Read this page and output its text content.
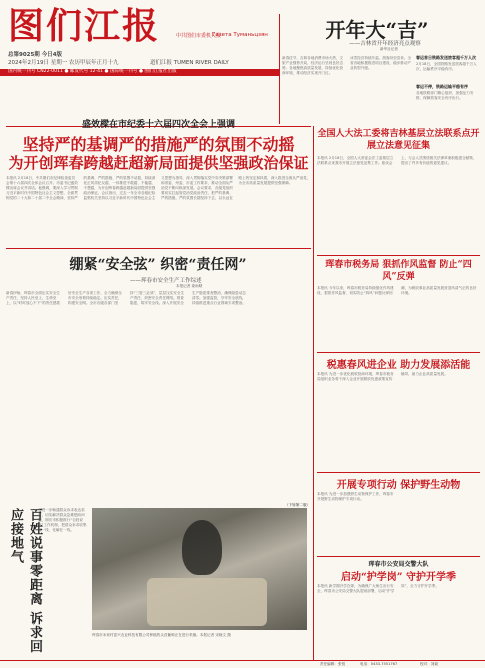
图们江报	中共图们市委机关报
Газета Туманьцзян
总第9025期 今日4版
2024年2月19日 星期一 农历甲辰年正月十九	道们江报 TUMEN RIVER DAILY
开年大“吉”
——吉林省开年经济亮点观察
新华社记者
新春佳节，吉林各地消费市场火热，文旅产业强势开局，经济运行呈现良好态势。各地聚焦高质量发展，持续优化营商环境，推动经济实现开门红。
冰雪经济持续升温，游客纷至沓来。全省各地积极推进项目建设，稳步推动产业转型升级。
春运首日铁路发送旅客超千万人次
2月18日，全国铁路发送旅客超千万人次，运输秩序平稳有序。
春运不停，铁路运输平稳有序
各地铁路部门精心组织，加强运力安排，保障旅客安全有序出行。
国内统一刊号 CN22-0011 ● 邮发代号 12-41 ● 国际统一刊号 ● 图们江报社出版
盛效樑在市纪委十六届四次全会上强调
坚持严的基调严的措施严的氛围不动摇
为开创珲春跨越赶超新局面提供坚强政治保证
本报讯 2月18日，中共图们市纪律检查委员会第十六届四次全体会议召开。市委书记盛效樑出席会议并讲话。他强调，要深入学习贯彻习近平新时代中国特色社会主义思想，全面贯彻党的二十大和二十届二中全会精神，坚持严的基调、严的措施、严的氛围不动摇，持续深化正风肃纪反腐，一体推进不敢腐、不能腐、不想腐，为开创珲春跨越赶超新局面提供坚强政治保证。会议指出，过去一年全市各级纪检监察机关坚持以习近平新时代中国特色社会主义思想为指导，深入贯彻落实党中央决策部署和省委、州委、市委工作要求，推动全面从严治党不断向纵深发展。会议要求，各级党组织要切实扛起管党治党政治责任，把严的基调、严的措施、严的氛围长期坚持下去，以永远在路上的坚定和执着，深入推进全面从严治党，为全市高质量发展提供坚强保障。
绷紧“安全弦” 织密“责任网”
——珲春市安全生产工作综述
本报记者 姜雨晴
新春伊始，珲春市全面压实安全生产责任，坚持人民至上、生命至上，以“时时放心不下”的责任感抓好安全生产各项工作，全力确保全市安全形势持续稳定。压实责任，构建安全网。全市各级各部门坚持“三管三必须”，层层压实安全生产责任，织密安全责任网络。排查隐患，筑牢安全线。深入开展安全生产隐患排查整治，确保隐患动态清零。加强监管，守牢安全底线，持续推进重点行业领域专项整治。
（下转第二版）
百姓说事零距离 诉求回应接地气	为进一步畅通群众诉求表达渠道，切实解决群众急难愁盼问题，图们市积极推行“百姓说事”工作机制，把群众诉求收集在一线、化解在一线。
珲春市米家村富兴农业科技有限公司种植的头茬葡萄正在进行采摘。本报记者 宋晓文 摄
全国人大法工委将吉林基层立法联系点开展立法意见征集
本报讯 2月18日，全国人大常委会法工委基层立法联系点来我市开展立法意见征集工作。座谈会上，与会人员围绕相关法律草案积极建言献策，提出了许多有价值的意见建议。
珲春市税务局 狠抓作风监督 防止“四风”反弹
本报讯 今年以来，珲春市税务局持续强化作风建设，狠抓作风监督，切实防止“四风”问题反弹回潮，为税收事业高质量发展营造风清气正的良好环境。
税惠春风进企业 助力发展添活能
本报讯 为进一步优化税收营商环境，珲春市税务局组织业务骨干深入企业开展税收优惠政策宣传辅导，助力企业高质量发展。
开展专项行动 保护野生动物
本报讯 为进一步加强野生动物保护工作，珲春市开展野生动物保护专项行动。
珲春市公安局交警大队
启动“护学岗” 守护开学季
本报讯 新学期开学在即，为确保广大师生出行安全，珲春市公安局交警大队提前部署，启动“护学岗”，全力守护开学季。
责任编辑：张悦	电话：0433-7551767	校对：刘斌
